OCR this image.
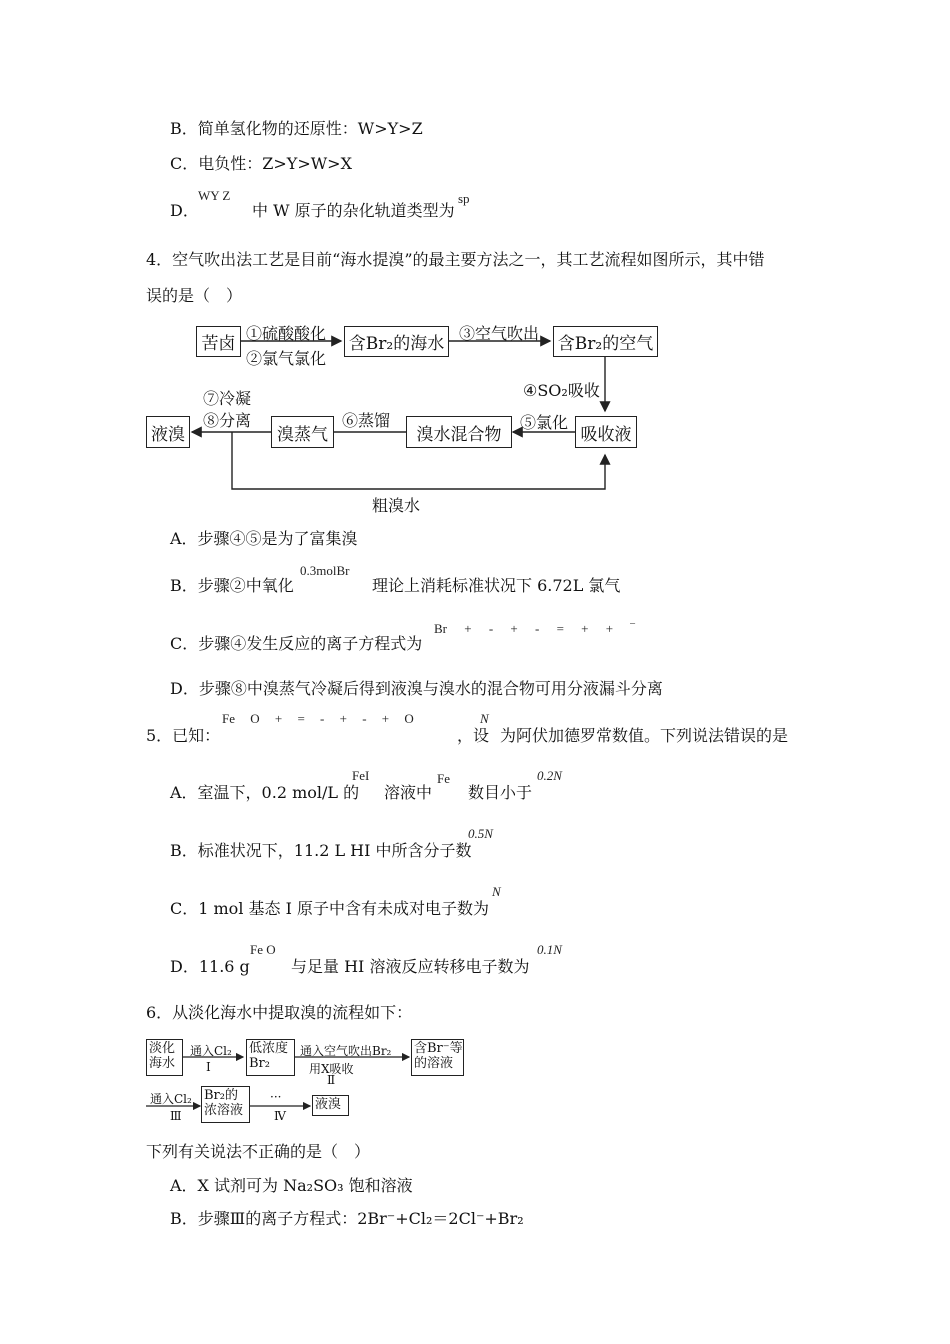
B．简单氢化物的还原性：W>Y>Z
C．电负性：Z>Y>W>X
D．
WY Z
中 W 原子的杂化轨道类型为
sp
4．空气吹出法工艺是目前“海水提溴”的最主要方法之一，其工艺流程如图所示，其中错
误的是（　）
苦卤	含Br₂的海水	含Br₂的空气
吸收液
溴水混合物
溴蒸气
液溴
①硫酸酸化
②氯气氯化
③空气吹出
④SO₂吸收
⑤氯化
⑥蒸馏
⑦冷凝
⑧分离
粗溴水
A．步骤④⑤是为了富集溴
B．步骤②中氧化
0.3molBr
理论上消耗标准状况下 6.72L 氯气
C．步骤④发生反应的离子方程式为
Br + ‐ + ‐ = + + ‾
D．步骤⑧中溴蒸气冷凝后得到液溴与溴水的混合物可用分液漏斗分离
5．已知：
Fe O + = ‐ + ‐ + O
，设
N
为阿伏加德罗常数值。下列说法错误的是
A．室温下，0.2 mol/L 的
FeI
溶液中
Fe
数目小于
0.2N
B．标准状况下，11.2 L HI 中所含分子数
0.5N
C．1 mol 基态 I 原子中含有未成对电子数为
N
D．11.6 g
Fe O
与足量 HI 溶液反应转移电子数为
0.1N
6．从淡化海水中提取溴的流程如下：
淡化
海水
低浓度
Br₂
含Br⁻等
的溶液
Br₂的
浓溶液	液溴
通入Cl₂
Ⅰ
通入空气吹出Br₂
用X吸收
Ⅱ
通入Cl₂
Ⅲ
···
Ⅳ
下列有关说法不正确的是（　）
A．X 试剂可为 Na₂SO₃ 饱和溶液
B．步骤Ⅲ的离子方程式：2Br⁻+Cl₂＝2Cl⁻+Br₂
